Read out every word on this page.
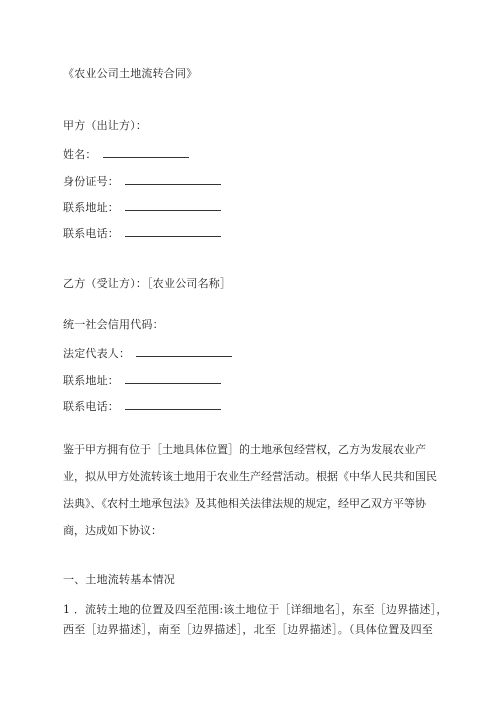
《农业公司土地流转合同》
甲方（出让方）：
姓名：
身份证号：
联系地址：
联系电话：
乙方（受让方）：［农业公司名称］
统一社会信用代码：
法定代表人：
联系地址：
联系电话：
鉴于甲方拥有位于［土地具体位置］的土地承包经营权，乙方为发展农业产
业，拟从甲方处流转该土地用于农业生产经营活动。根据《中华人民共和国民
法典》、《农村土地承包法》及其他相关法律法规的规定，经甲乙双方平等协
商，达成如下协议：
一、土地流转基本情况
1 ．流转土地的位置及四至范围:该土地位于［详细地名］，东至［边界描述］，
西至［边界描述］，南至［边界描述］，北至［边界描述］。（具体位置及四至
